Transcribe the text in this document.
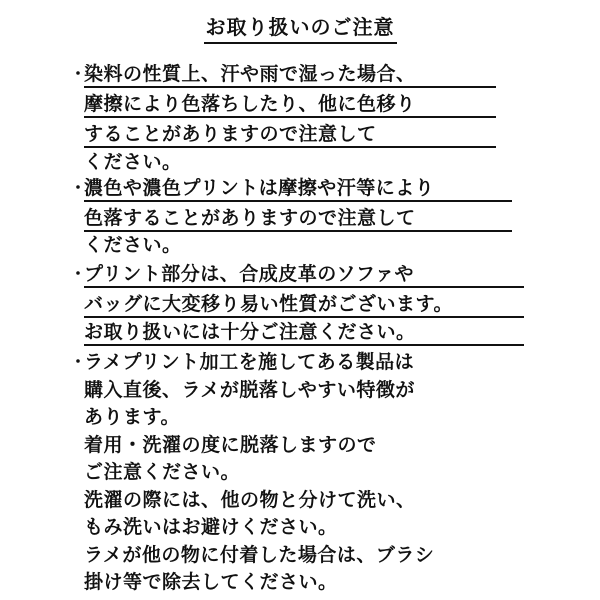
お取り扱いのご注意
・
染料の性質上、汗や雨で湿った場合、
摩擦により色落ちしたり、他に色移り
することがありますので注意して
ください。
・
濃色や濃色プリントは摩擦や汗等により
色落することがありますので注意して
ください。
・
プリント部分は、合成皮革のソファや
バッグに大変移り易い性質がございます。
お取り扱いには十分ご注意ください。
・
ラメプリント加工を施してある製品は
購入直後、ラメが脱落しやすい特徴が
あります。
着用・洗濯の度に脱落しますので
ご注意ください。
洗濯の際には、他の物と分けて洗い、
もみ洗いはお避けください。
ラメが他の物に付着した場合は、ブラシ
掛け等で除去してください。
